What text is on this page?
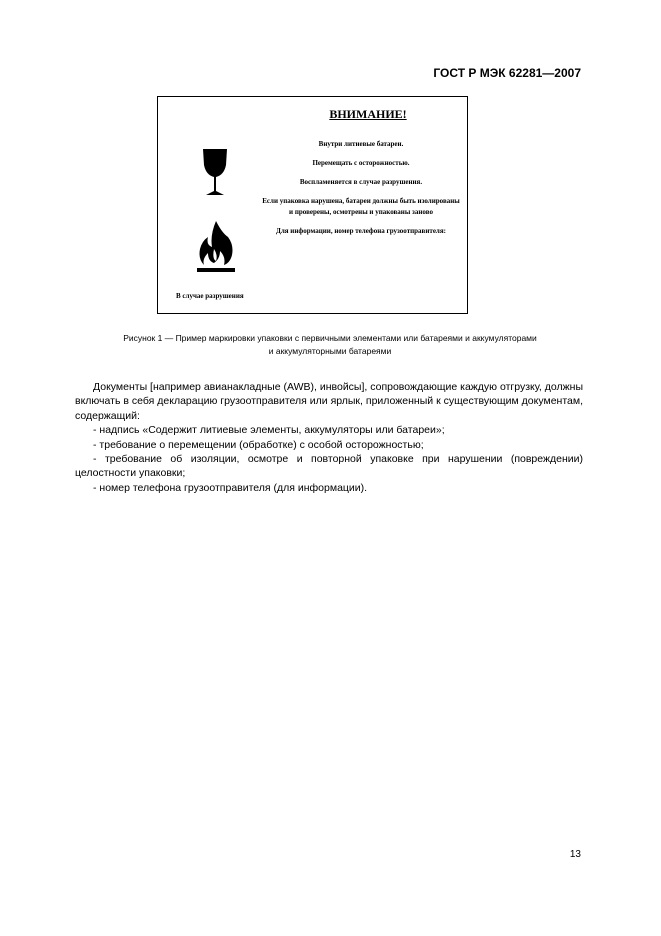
ГОСТ Р МЭК 62281—2007
ВНИМАНИЕ!
В случае разрушения
Внутри литиевые батареи.
Перемещать с осторожностью.
Воспламеняется в случае разрушения.
Если упаковка нарушена, батареи должны быть изолированы и проверены, осмотрены и упакованы заново
Для информации, номер телефона грузоотправителя:
Рисунок 1 — Пример маркировки упаковки с первичными элементами или батареями и аккумуляторами
и аккумуляторными батареями

Документы [например авианакладные (AWB), инвойсы], сопровождающие каждую отгрузку, должны включать в себя декларацию грузоотправителя или ярлык, приложенный к существующим документам, содержащий:

- надпись «Содержит литиевые элементы, аккумуляторы или батареи»;

- требование о перемещении (обработке) с особой осторожностью;

- требование об изоляции, осмотре и повторной упаковке при нарушении (повреждении) целостности упаковки;

- номер телефона грузоотправителя (для информации).

13
